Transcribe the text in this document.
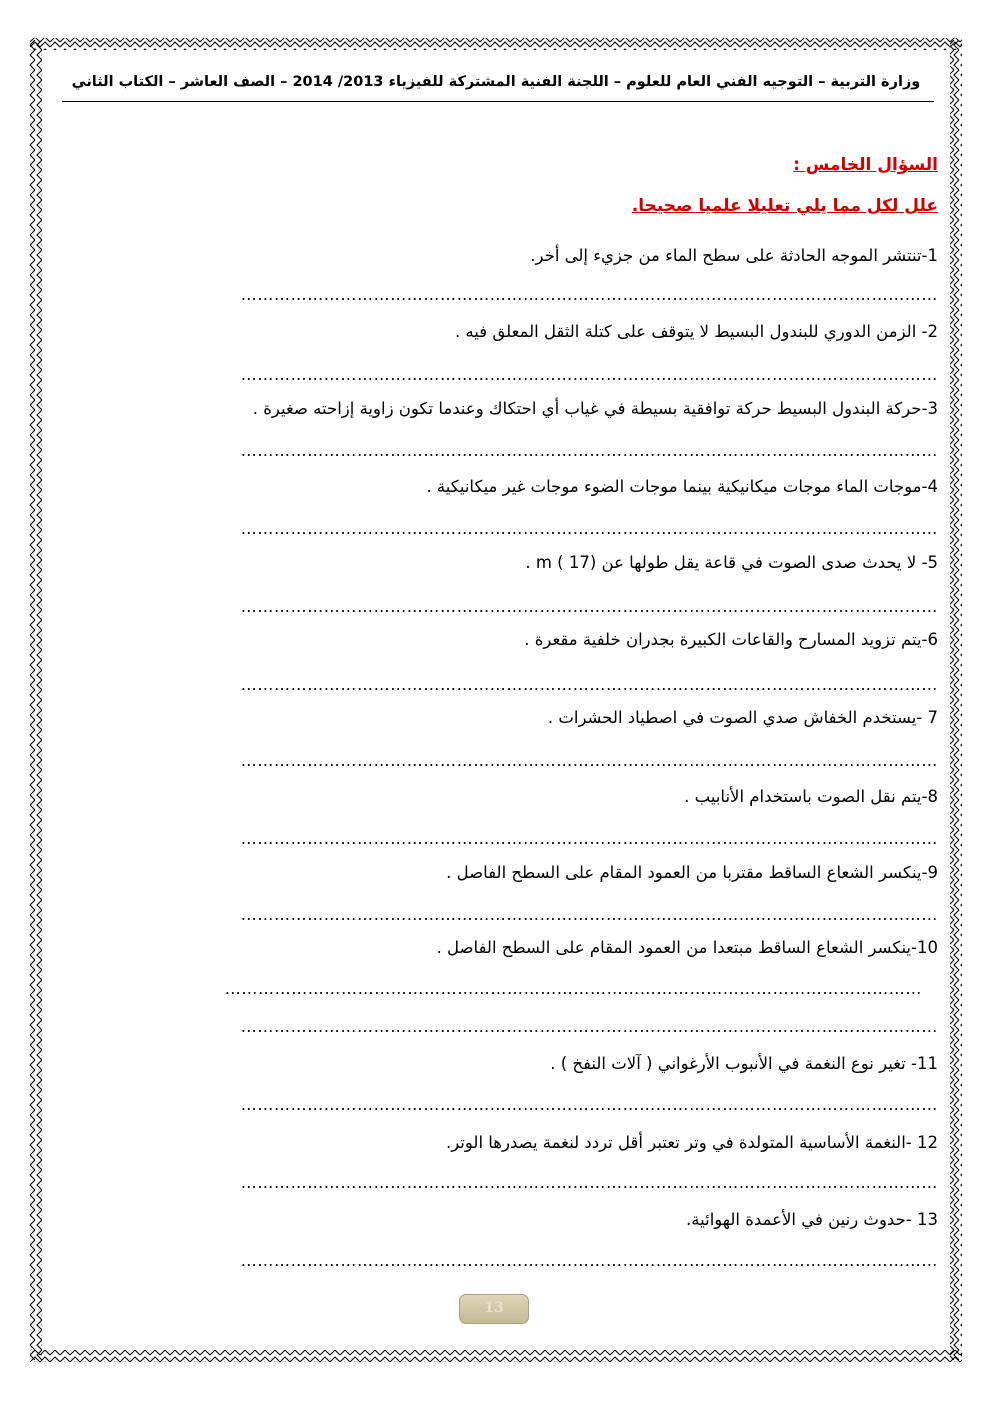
وزارة التربية – التوجيه الفني العام للعلوم – اللجنة الفنية المشتركة للفيزياء 2013/ 2014 – الصف العاشر – الكتاب الثاني
السؤال الخامس :
علل لكل مما يلي تعليلا علميا صحيحا.
1-تنتشر الموجه الحادثة على سطح الماء من جزيء إلى أخر.
………………………………………………………………………………………………………………
2- الزمن الدوري للبندول البسيط لا يتوقف على كتلة الثقل المعلق فيه .
………………………………………………………………………………………………………………
3-حركة البندول البسيط حركة توافقية بسيطة في غياب أي احتكاك وعندما تكون زاوية إزاحته صغيرة .
………………………………………………………………………………………………………………
4-موجات الماء موجات ميكانيكية بينما موجات الضوء موجات غير ميكانيكية .
………………………………………………………………………………………………………………
5- لا يحدث صدى الصوت في قاعة يقل طولها عن m ( 17) .
………………………………………………………………………………………………………………
6-يتم تزويد المسارح والقاعات الكبيرة بجدران خلفية مقعرة .
………………………………………………………………………………………………………………
7 -يستخدم الخفاش صدي الصوت في اصطياد الحشرات .
………………………………………………………………………………………………………………
8-يتم نقل الصوت باستخدام الأنابيب .
………………………………………………………………………………………………………………
9-ينكسر الشعاع الساقط مقتربا من العمود المقام على السطح الفاصل .
………………………………………………………………………………………………………………
10-ينكسر الشعاع الساقط مبتعدا من العمود المقام على السطح الفاصل .
………………………………………………………………………………………………………………
………………………………………………………………………………………………………………
11- تغير نوع النغمة في الأنبوب الأرغواني ( آلات النفخ ) .
………………………………………………………………………………………………………………
12 -النغمة الأساسية المتولدة في وتر تعتبر أقل تردد لنغمة يصدرها الوتر.
………………………………………………………………………………………………………………
13 -حدوث رنين في الأعمدة الهوائية.
………………………………………………………………………………………………………………
13
